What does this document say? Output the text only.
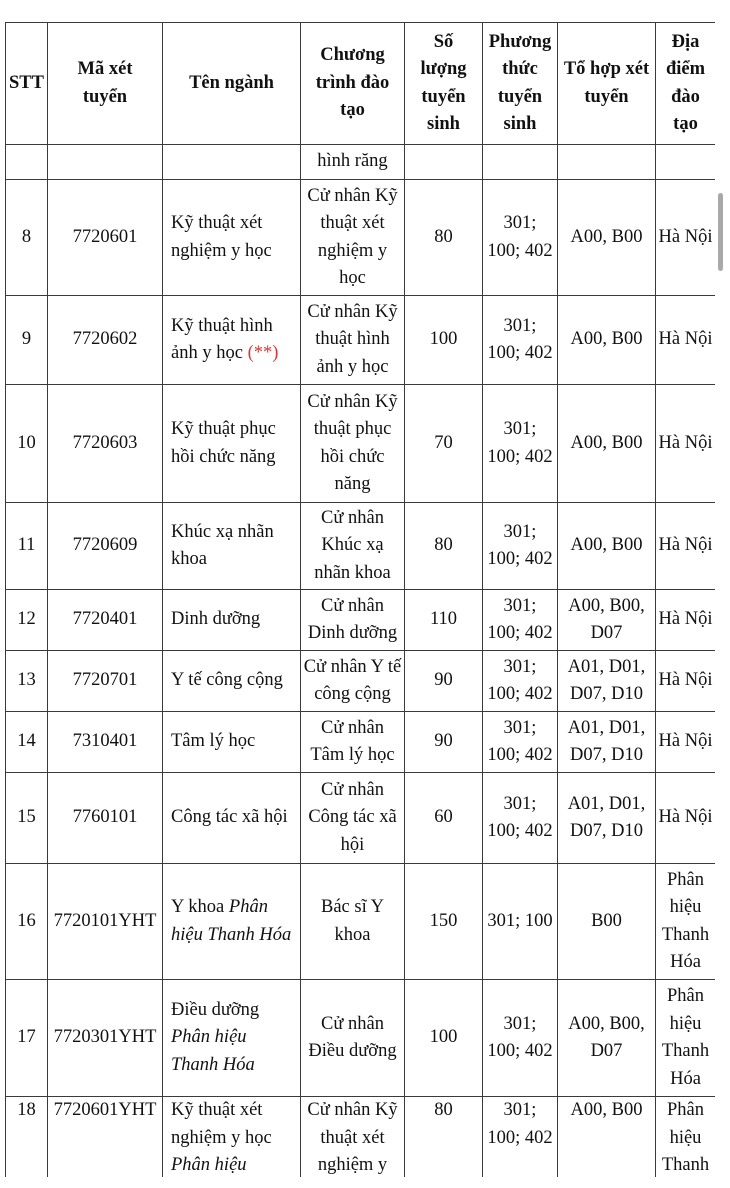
STT	Mã xét tuyển	Tên ngành	Chương trình đào tạo	Số lượng tuyển sinh	Phương thức tuyển sinh	Tổ hợp xét tuyển	Địa điểm đào tạo
			hình răng				
8	7720601	Kỹ thuật xét nghiệm y học	Cử nhân Kỹ thuật xét nghiệm y học	80	301; 100; 402	A00, B00	Hà Nội
9	7720602	Kỹ thuật hình ảnh y học (**)	Cử nhân Kỹ thuật hình ảnh y học	100	301; 100; 402	A00, B00	Hà Nội
10	7720603	Kỹ thuật phục hồi chức năng	Cử nhân Kỹ thuật phục hồi chức năng	70	301; 100; 402	A00, B00	Hà Nội
11	7720609	Khúc xạ nhãn khoa	Cử nhân Khúc xạ nhãn khoa	80	301; 100; 402	A00, B00	Hà Nội
12	7720401	Dinh dưỡng	Cử nhân Dinh dưỡng	110	301; 100; 402	A00, B00, D07	Hà Nội
13	7720701	Y tế công cộng	Cử nhân Y tế công cộng	90	301; 100; 402	A01, D01, D07, D10	Hà Nội
14	7310401	Tâm lý học	Cử nhân Tâm lý học	90	301; 100; 402	A01, D01, D07, D10	Hà Nội
15	7760101	Công tác xã hội	Cử nhân Công tác xã hội	60	301; 100; 402	A01, D01, D07, D10	Hà Nội
16	7720101YHT	Y khoa Phân hiệu Thanh Hóa	Bác sĩ Y khoa	150	301; 100	B00	Phân hiệu Thanh Hóa
17	7720301YHT	Điều dưỡng Phân hiệu Thanh Hóa	Cử nhân Điều dưỡng	100	301; 100; 402	A00, B00, D07	Phân hiệu Thanh Hóa
18	7720601YHT	Kỹ thuật xét nghiệm y học Phân hiệu	Cử nhân Kỹ thuật xét nghiệm y	80	301; 100; 402	A00, B00	Phân hiệu Thanh
